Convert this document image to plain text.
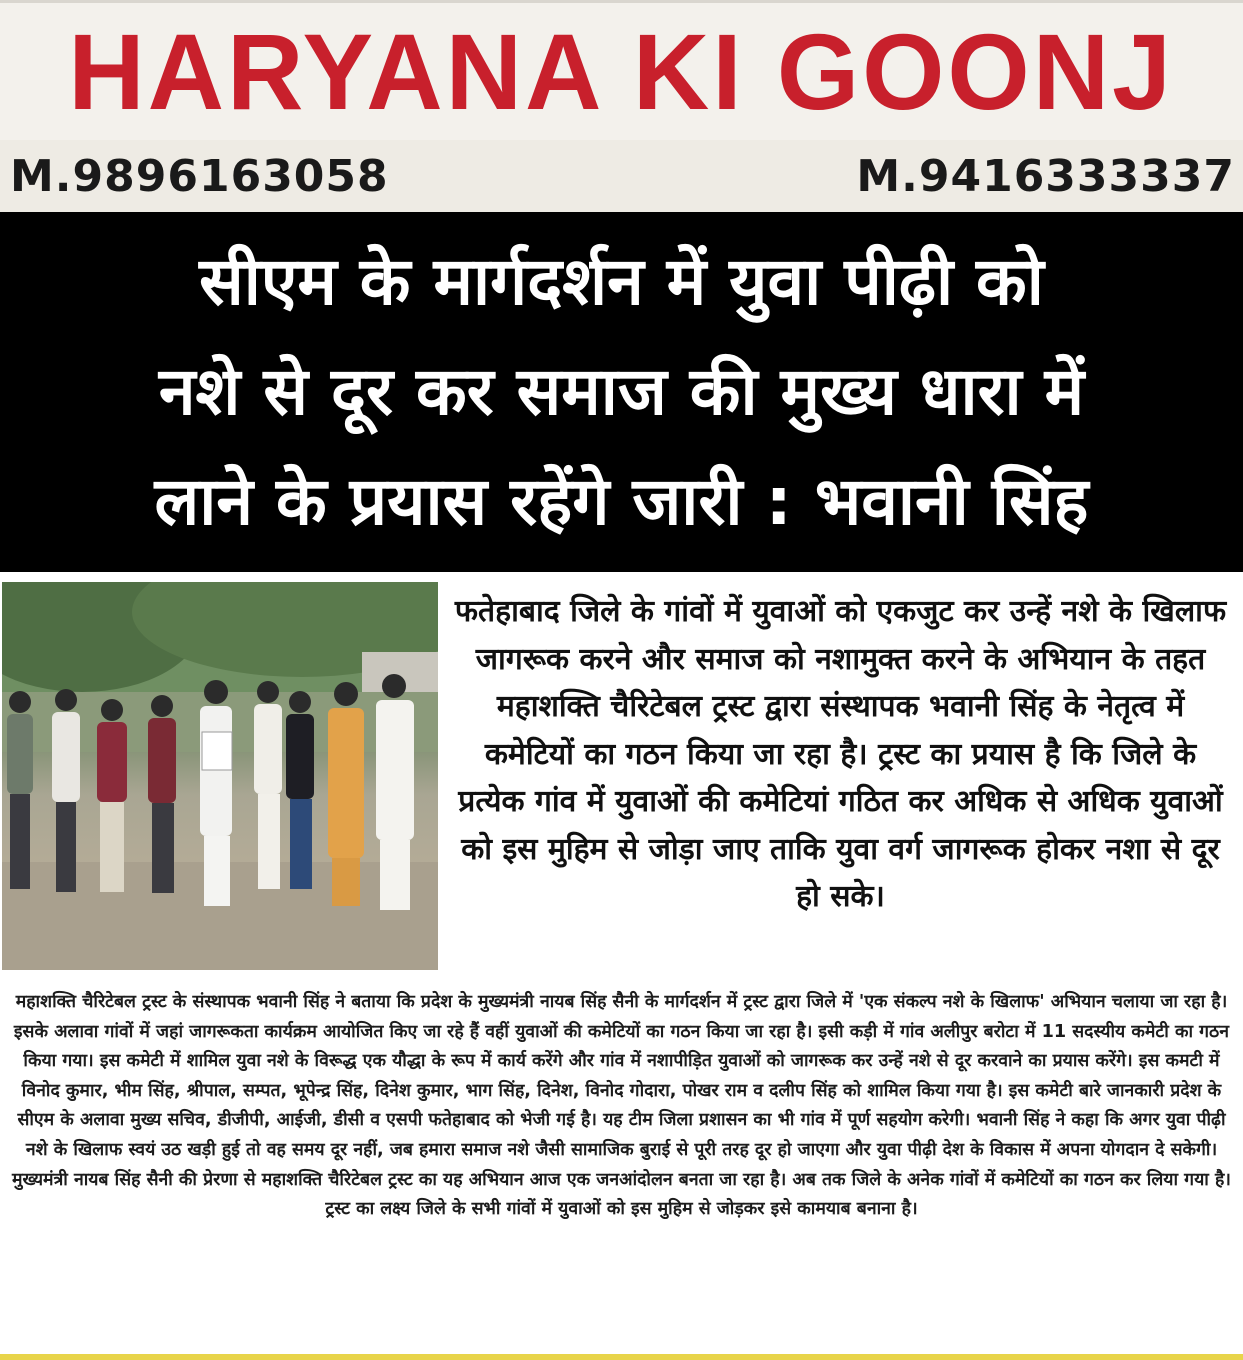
HARYANA KI GOONJ
M.9896163058	M.9416333337
सीएम के मार्गदर्शन में युवा पीढ़ी को
नशे से दूर कर समाज की मुख्य धारा में
लाने के प्रयास रहेंगे जारी : भवानी सिंह

फतेहाबाद जिले के गांवों में युवाओं को एकजुट कर उन्हें नशे के खिलाफ जागरूक करने और समाज को नशामुक्त करने के अभियान के तहत महाशक्ति चैरिटेबल ट्रस्ट द्वारा संस्थापक भवानी सिंह के नेतृत्व में कमेटियों का गठन किया जा रहा है। ट्रस्ट का प्रयास है कि जिले के प्रत्येक गांव में युवाओं की कमेटियां गठित कर अधिक से अधिक युवाओं को इस मुहिम से जोड़ा जाए ताकि युवा वर्ग जागरूक होकर नशा से दूर हो सके।

महाशक्ति चैरिटेबल ट्रस्ट के संस्थापक भवानी सिंह ने बताया कि प्रदेश के मुख्यमंत्री नायब सिंह सैनी के मार्गदर्शन में ट्रस्ट द्वारा जिले में 'एक संकल्प नशे के खिलाफ' अभियान चलाया जा रहा है। इसके अलावा गांवों में जहां जागरूकता कार्यक्रम आयोजित किए जा रहे हैं वहीं युवाओं की कमेटियों का गठन किया जा रहा है। इसी कड़ी में गांव अलीपुर बरोटा में 11 सदस्यीय कमेटी का गठन किया गया। इस कमेटी में शामिल युवा नशे के विरूद्ध एक यौद्धा के रूप में कार्य करेंगे और गांव में नशापीड़ित युवाओं को जागरूक कर उन्हें नशे से दूर करवाने का प्रयास करेंगे। इस कमटी में विनोद कुमार, भीम सिंह, श्रीपाल, सम्पत, भूपेन्द्र सिंह, दिनेश कुमार, भाग सिंह, दिनेश, विनोद गोदारा, पोखर राम व दलीप सिंह को शामिल किया गया है। इस कमेटी बारे जानकारी प्रदेश के सीएम के अलावा मुख्य सचिव, डीजीपी, आईजी, डीसी व एसपी फतेहाबाद को भेजी गई है। यह टीम जिला प्रशासन का भी गांव में पूर्ण सहयोग करेगी। भवानी सिंह ने कहा कि अगर युवा पीढ़ी नशे के खिलाफ स्वयं उठ खड़ी हुई तो वह समय दूर नहीं, जब हमारा समाज नशे जैसी सामाजिक बुराई से पूरी तरह दूर हो जाएगा और युवा पीढ़ी देश के विकास में अपना योगदान दे सकेगी। मुख्यमंत्री नायब सिंह सैनी की प्रेरणा से महाशक्ति चैरिटेबल ट्रस्ट का यह अभियान आज एक जनआंदोलन बनता जा रहा है। अब तक जिले के अनेक गांवों में कमेटियों का गठन कर लिया गया है। ट्रस्ट का लक्ष्य जिले के सभी गांवों में युवाओं को इस मुहिम से जोड़कर इसे कामयाब बनाना है।
